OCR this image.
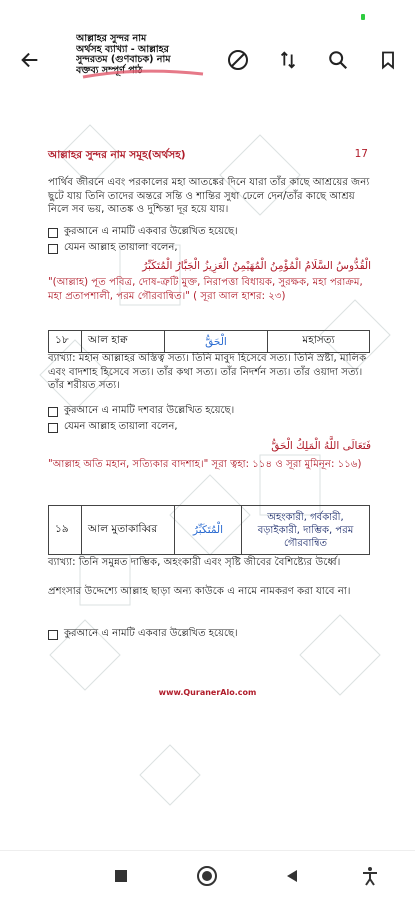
আল্লাহর সুন্দর নাম
অর্থসহ ব্যাখ্যা - আল্লাহর
সুন্দরতম (গুণবাচক) নাম
বক্তব্য সম্পূর্ণ পাঠ
আল্লাহর সুন্দর নাম সমূহ(অর্থসহ)	17
পার্থিব জীবনে এবং পরকালের মহা আতঙ্কের দিনে যারা তাঁর কাছে আশ্রয়ের জন্য ছুটে যায় তিনি তাদের অন্তরে সন্তি ও শান্তির সুধা ঢেলে দেন/তাঁর কাছে আশ্রয় নিলে সব ভয়, আতঙ্ক ও দুশ্চিন্তা দূর হয়ে যায়।
কুরআনে এ নামটি একবার উল্লেখিত হয়েছে।
যেমন আল্লাহ তায়ালা বলেন,
الْقُدُّوسُ السَّلَامُ الْمُؤْمِنُ الْمُهَيْمِنُ الْعَزِيزُ الْجَبَّارُ الْمُتَكَبِّرُ
"(আল্লাহ) পূত পবিত্র, দোষ-ত্রুটি মুক্ত, নিরাপত্তা বিধায়ক, সুরক্ষক, মহা পরাক্রম, মহা প্রতাপশালী, পরম গৌরবান্বিত।" ( সূরা আল হাশর: ২৩)
১৮	আল হাক্ব	الْحَقُّ	মহাসত্য
ব্যাখ্যা: মহান আল্লাহর অস্তিত্ব সত্য। তিনি মাবুদ হিসেবে সত্য। তিনি স্রষ্টা, মালিক এবং বাদশাহ হিসেবে সত্য। তাঁর কথা সত্য। তাঁর নিদর্শন সত্য। তাঁর ওয়াদা সত্য। তাঁর শরীয়ত সত্য।
কুরআনে এ নামটি দশবার উল্লেখিত হয়েছে।
যেমন আল্লাহ তায়ালা বলেন,
فَتَعَالَى اللَّهُ الْمَلِكُ الْحَقُّ
"আল্লাহ অতি মহান, সত্যিকার বাদশাহ।" সূরা ত্বহা: ১১৪ ও সূরা মুমিনূন: ১১৬)
১৯	আল মুতাকাব্বির	الْمُتَكَبِّرُ	অহংকারী, গর্বকারী, বড়াইকারী, দাম্ভিক, পরম গৌরবান্বিত
ব্যাখ্যা: তিনি সমুন্নত দাম্ভিক, অহংকারী এবং সৃষ্টি জীবের বৈশিষ্ট্যের উর্ধ্বে।
প্রশংসার উদ্দেশ্যে আল্লাহ ছাড়া অন্য কাউকে এ নামে নামকরণ করা যাবে না।
কুরআনে এ নামটি একবার উল্লেখিত হয়েছে।
www.QuranerAlo.com
